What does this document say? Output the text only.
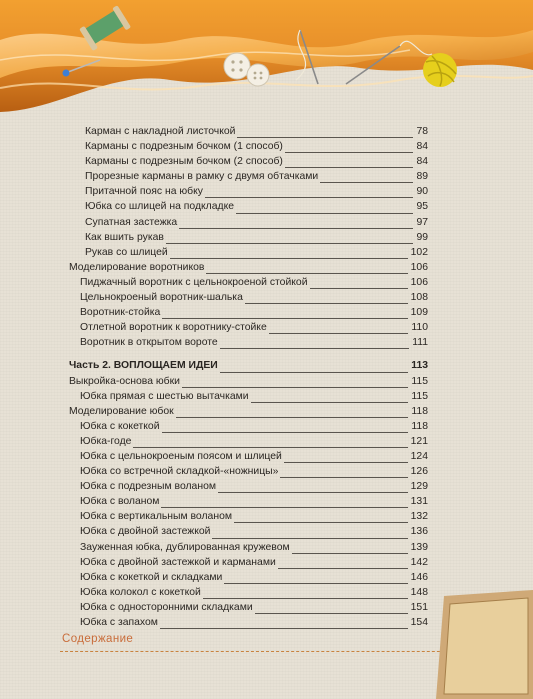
Карман с накладной листочкой	78
Карманы с подрезным бочком (1 способ)	84
Карманы с подрезным бочком (2 способ)	84
Прорезные карманы в рамку с двумя обтачками	89
Притачной пояс на юбку	90
Юбка со шлицей на подкладке	95
Супатная застежка	97
Как вшить рукав	99
Рукав со шлицей	102
Моделирование воротников	106
Пиджачный воротник с цельнокроеной стойкой	106
Цельнокроеный воротник-шалька	108
Воротник-стойка	109
Отлетной воротник к воротнику-стойке	110
Воротник в открытом вороте	111
Часть 2. ВОПЛОЩАЕМ ИДЕИ	113
Выкройка-основа юбки	115
Юбка прямая с шестью вытачками	115
Моделирование юбок	118
Юбка с кокеткой	118
Юбка-годе	121
Юбка с цельнокроеным поясом и шлицей	124
Юбка со встречной складкой-«ножницы»	126
Юбка с подрезным воланом	129
Юбка с воланом	131
Юбка с вертикальным воланом	132
Юбка с двойной застежкой	136
Зауженная юбка, дублированная кружевом	139
Юбка с двойной застежкой и карманами	142
Юбка с кокеткой и складками	146
Юбка колокол с кокеткой	148
Юбка с односторонними складками	151
Юбка с запахом	154
Содержание
